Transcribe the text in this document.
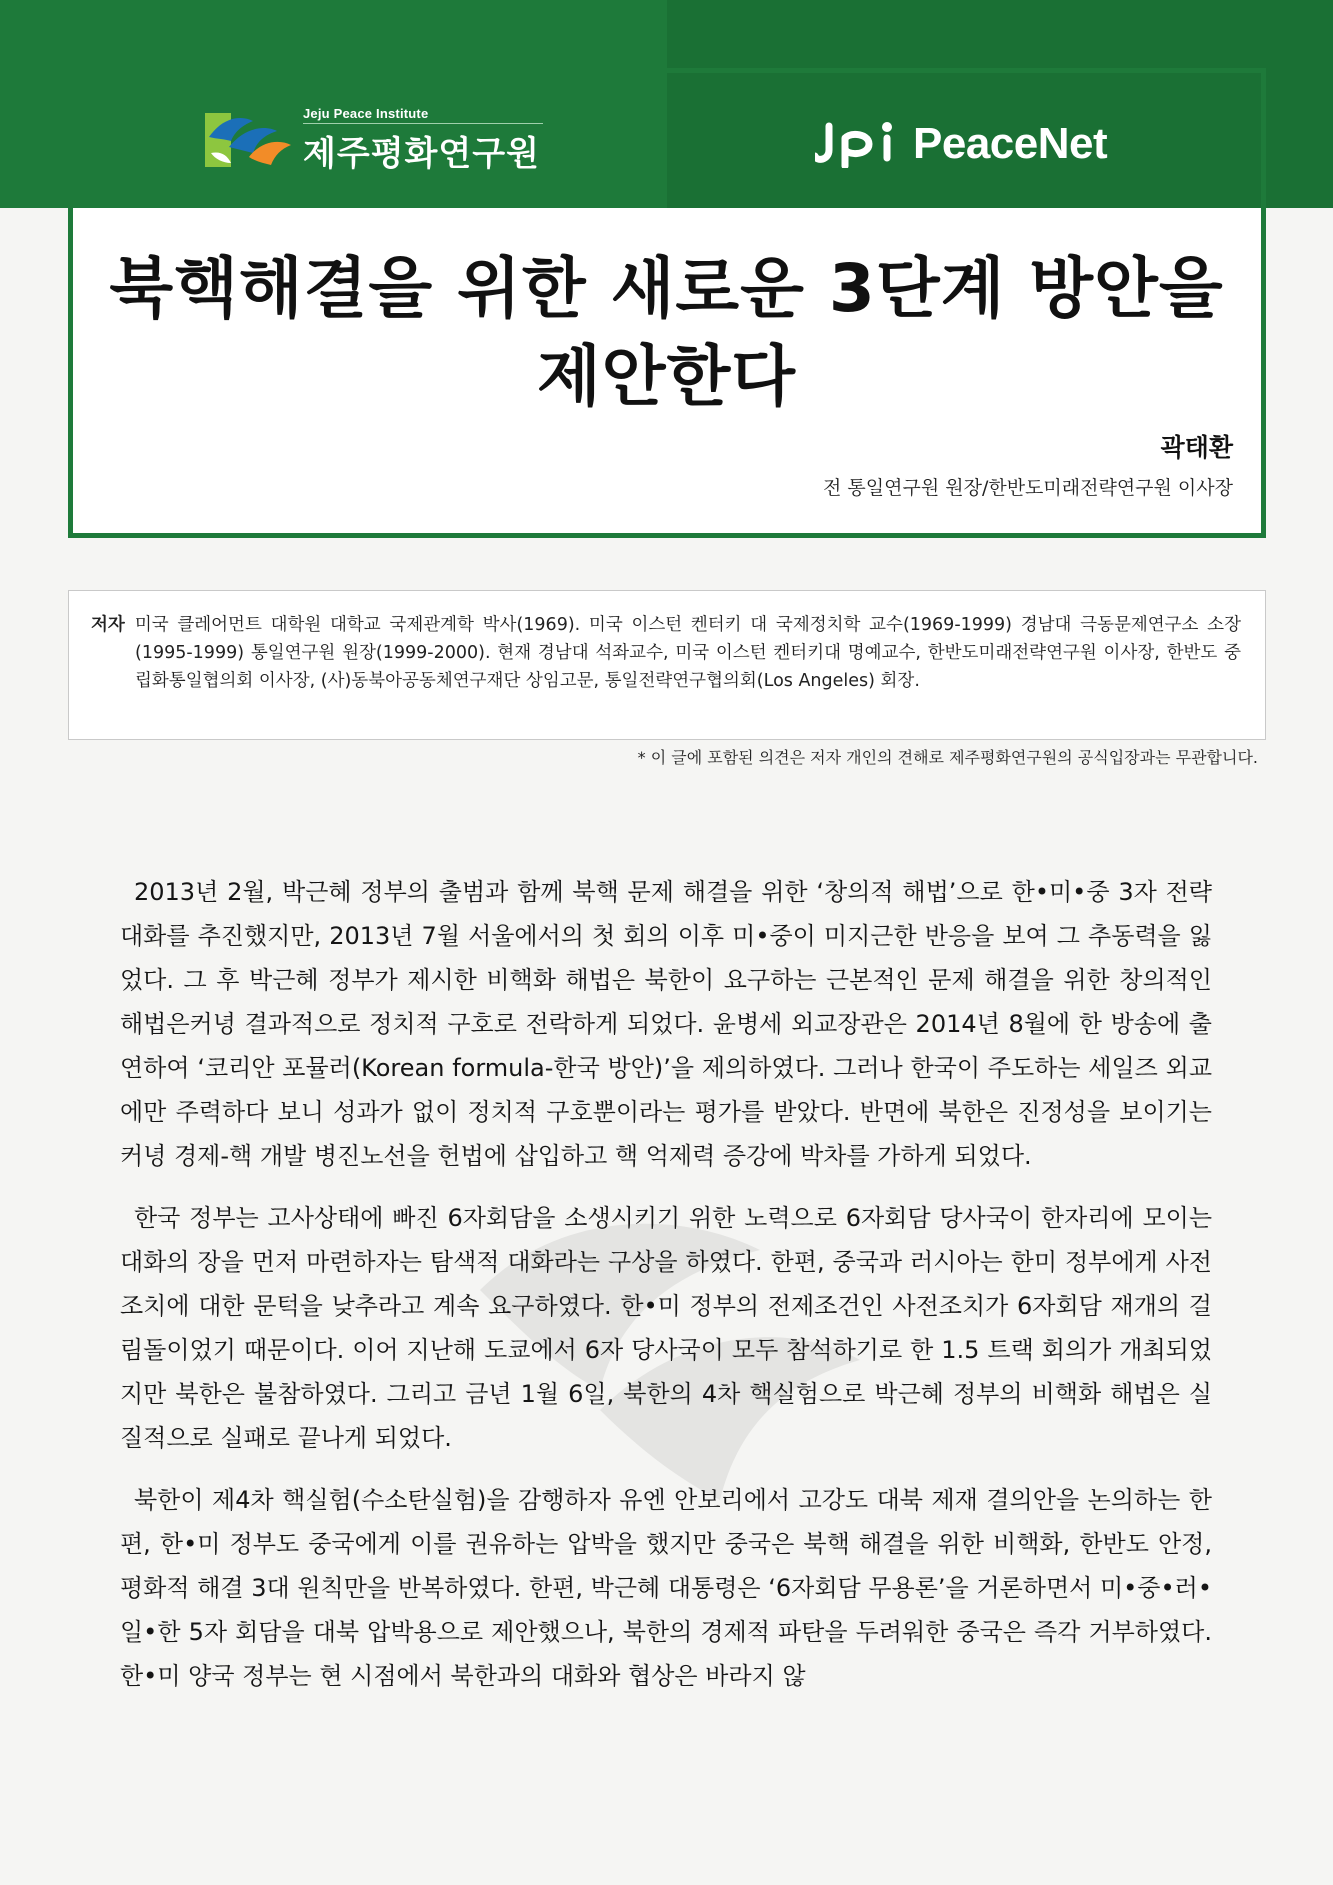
Jeju Peace Institute
제주평화연구원	PeaceNet
북핵해결을 위한 새로운 3단계 방안을
제안한다
곽태환
전 통일연구원 원장/한반도미래전략연구원 이사장
저자 미국 클레어먼트 대학원 대학교 국제관계학 박사(1969). 미국 이스턴 켄터키 대 국제정치학 교수(1969-1999) 경남대 극동문제연구소 소장(1995-1999) 통일연구원 원장(1999-2000). 현재 경남대 석좌교수, 미국 이스턴 켄터키대 명예교수, 한반도미래전략연구원 이사장, 한반도 중립화통일협의회 이사장, (사)동북아공동체연구재단 상임고문, 통일전략연구협의회(Los Angeles) 회장.
* 이 글에 포함된 의견은 저자 개인의 견해로 제주평화연구원의 공식입장과는 무관합니다.

2013년 2월, 박근혜 정부의 출범과 함께 북핵 문제 해결을 위한 ‘창의적 해법’으로 한•미•중 3자 전략대화를 추진했지만, 2013년 7월 서울에서의 첫 회의 이후 미•중이 미지근한 반응을 보여 그 추동력을 잃었다. 그 후 박근혜 정부가 제시한 비핵화 해법은 북한이 요구하는 근본적인 문제 해결을 위한 창의적인 해법은커녕 결과적으로 정치적 구호로 전락하게 되었다. 윤병세 외교장관은 2014년 8월에 한 방송에 출연하여 ‘코리안 포뮬러(Korean formula-한국 방안)’을 제의하였다. 그러나 한국이 주도하는 세일즈 외교에만 주력하다 보니 성과가 없이 정치적 구호뿐이라는 평가를 받았다. 반면에 북한은 진정성을 보이기는커녕 경제-핵 개발 병진노선을 헌법에 삽입하고 핵 억제력 증강에 박차를 가하게 되었다.

한국 정부는 고사상태에 빠진 6자회담을 소생시키기 위한 노력으로 6자회담 당사국이 한자리에 모이는 대화의 장을 먼저 마련하자는 탐색적 대화라는 구상을 하였다. 한편, 중국과 러시아는 한미 정부에게 사전조치에 대한 문턱을 낮추라고 계속 요구하였다. 한•미 정부의 전제조건인 사전조치가 6자회담 재개의 걸림돌이었기 때문이다. 이어 지난해 도쿄에서 6자 당사국이 모두 참석하기로 한 1.5 트랙 회의가 개최되었지만 북한은 불참하였다. 그리고 금년 1월 6일, 북한의 4차 핵실험으로 박근혜 정부의 비핵화 해법은 실질적으로 실패로 끝나게 되었다.

북한이 제4차 핵실험(수소탄실험)을 감행하자 유엔 안보리에서 고강도 대북 제재 결의안을 논의하는 한편, 한•미 정부도 중국에게 이를 권유하는 압박을 했지만 중국은 북핵 해결을 위한 비핵화, 한반도 안정, 평화적 해결 3대 원칙만을 반복하였다. 한편, 박근혜 대통령은 ‘6자회담 무용론’을 거론하면서 미•중•러•일•한 5자 회담을 대북 압박용으로 제안했으나, 북한의 경제적 파탄을 두려워한 중국은 즉각 거부하였다. 한•미 양국 정부는 현 시점에서 북한과의 대화와 협상은 바라지 않
